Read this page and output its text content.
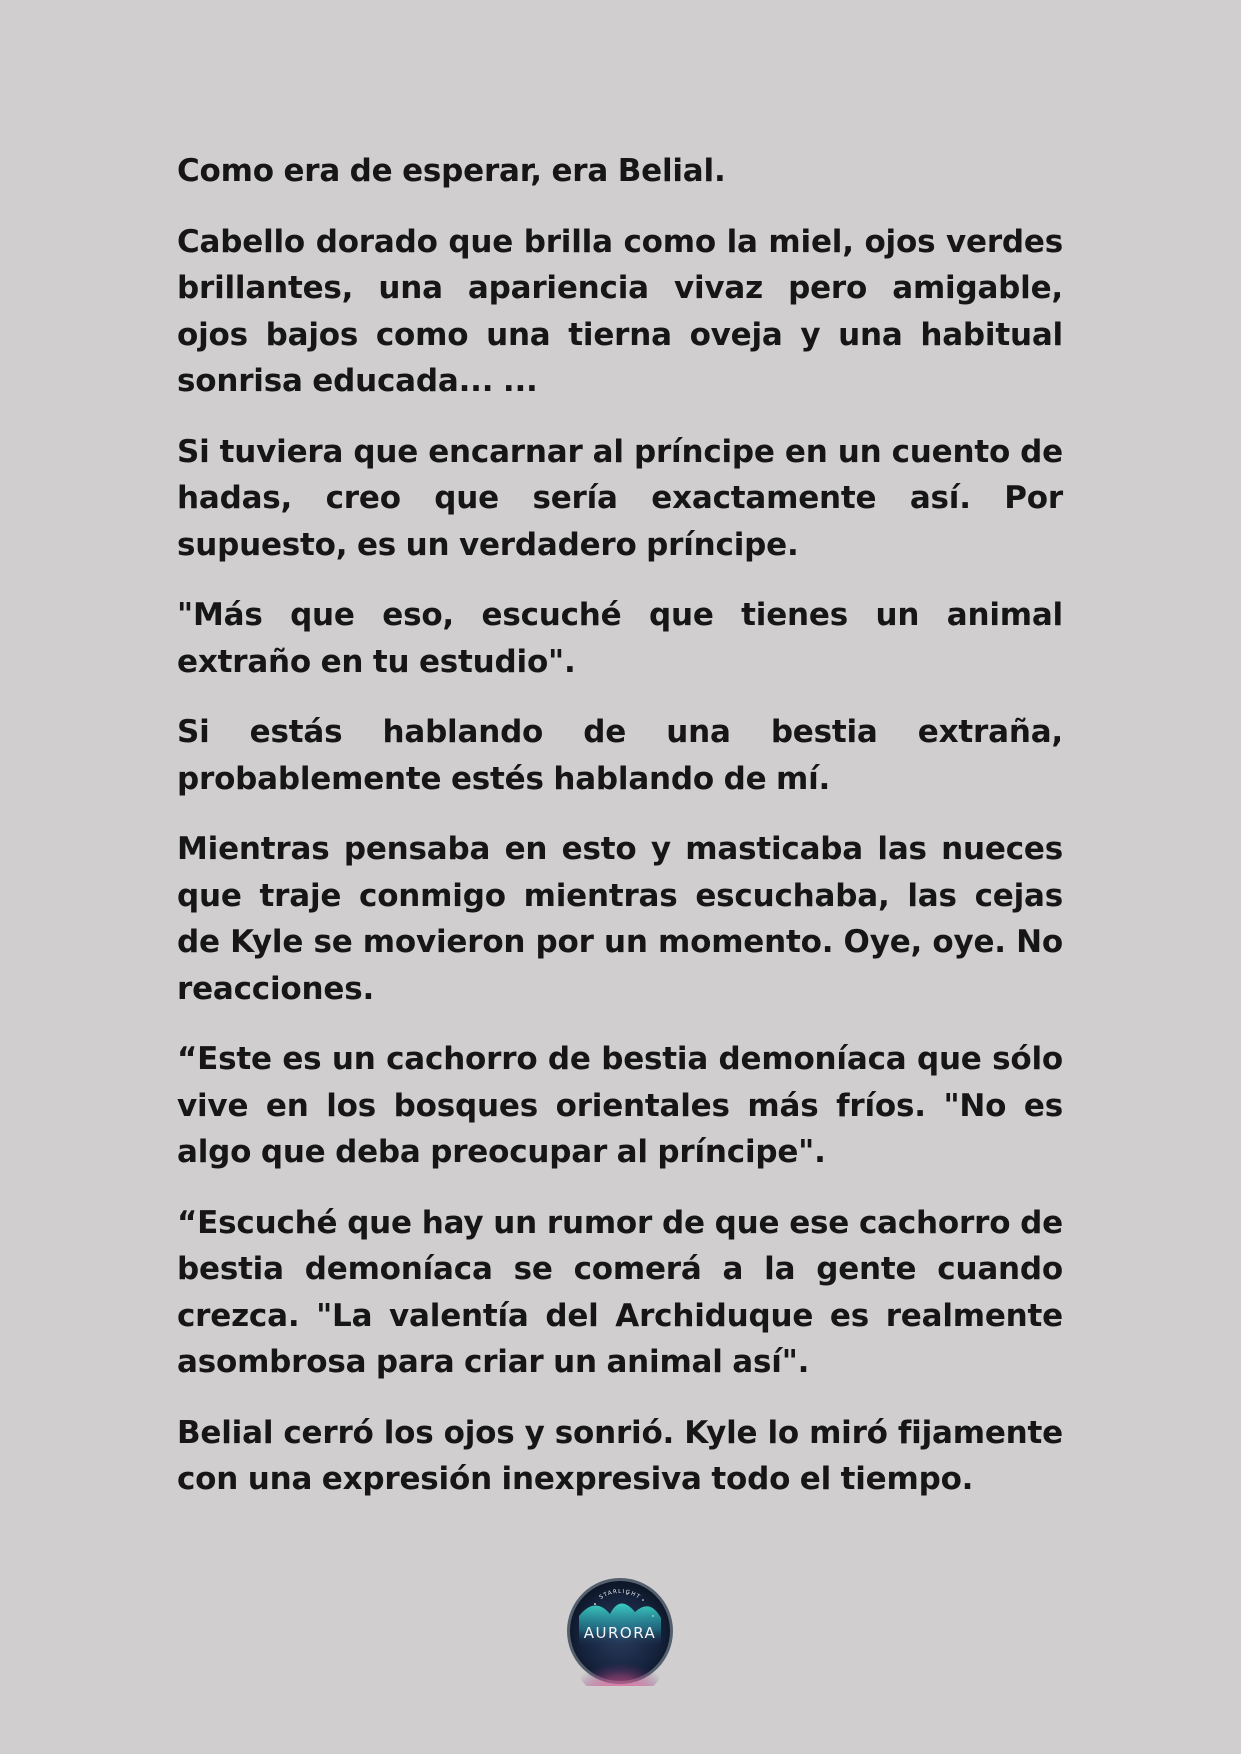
Como era de esperar, era Belial.

Cabello dorado que brilla como la miel, ojos verdes brillantes, una apariencia vivaz pero amigable, ojos bajos como una tierna oveja y una habitual sonrisa educada... ...

Si tuviera que encarnar al príncipe en un cuento de hadas, creo que sería exactamente así. Por supuesto, es un verdadero príncipe.

"Más que eso, escuché que tienes un animal extraño en tu estudio".

Si estás hablando de una bestia extraña, probablemente estés hablando de mí.

Mientras pensaba en esto y masticaba las nueces que traje conmigo mientras escuchaba, las cejas de Kyle se movieron por un momento. Oye, oye. No reacciones.

“Este es un cachorro de bestia demoníaca que sólo vive en los bosques orientales más fríos. "No es algo que deba preocupar al príncipe".

“Escuché que hay un rumor de que ese cachorro de bestia demoníaca se comerá a la gente cuando crezca. "La valentía del Archiduque es realmente asombrosa para criar un animal así".

Belial cerró los ojos y sonrió. Kyle lo miró fijamente con una expresión inexpresiva todo el tiempo.

STARLIGHT
AURORA
